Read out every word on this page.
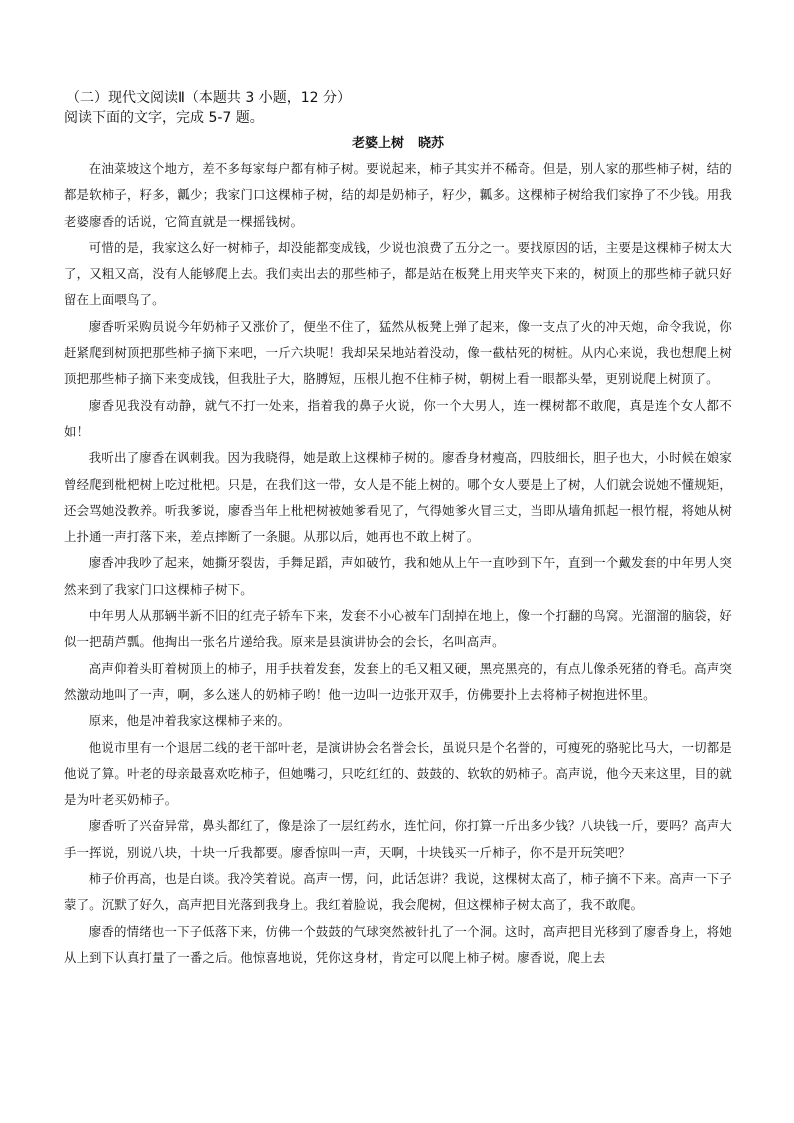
（二）现代文阅读Ⅱ（本题共 3 小题，12 分）

阅读下面的文字，完成 5-7 题。

老婆上树 晓苏

在油菜坡这个地方，差不多每家每户都有柿子树。要说起来，柿子其实并不稀奇。但是，别人家的那些柿子树，结的都是软柿子，籽多，瓤少；我家门口这棵柿子树，结的却是奶柿子，籽少，瓤多。这棵柿子树给我们家挣了不少钱。用我老婆廖香的话说，它简直就是一棵摇钱树。

可惜的是，我家这么好一树柿子，却没能都变成钱，少说也浪费了五分之一。要找原因的话，主要是这棵柿子树太大了，又粗又高，没有人能够爬上去。我们卖出去的那些柿子，都是站在板凳上用夹竿夹下来的，树顶上的那些柿子就只好留在上面喂鸟了。

廖香听采购员说今年奶柿子又涨价了，便坐不住了，猛然从板凳上弹了起来，像一支点了火的冲天炮，命令我说，你赶紧爬到树顶把那些柿子摘下来吧，一斤六块呢！我却呆呆地站着没动，像一截枯死的树桩。从内心来说，我也想爬上树顶把那些柿子摘下来变成钱，但我肚子大，胳膊短，压根儿抱不住柿子树，朝树上看一眼都头晕，更别说爬上树顶了。

廖香见我没有动静，就气不打一处来，指着我的鼻子火说，你一个大男人，连一棵树都不敢爬，真是连个女人都不如！

我听出了廖香在讽刺我。因为我晓得，她是敢上这棵柿子树的。廖香身材瘦高，四肢细长，胆子也大，小时候在娘家曾经爬到枇杷树上吃过枇杷。只是，在我们这一带，女人是不能上树的。哪个女人要是上了树，人们就会说她不懂规矩，还会骂她没教养。听我爹说，廖香当年上枇杷树被她爹看见了，气得她爹火冒三丈，当即从墙角抓起一根竹棍，将她从树上扑通一声打落下来，差点摔断了一条腿。从那以后，她再也不敢上树了。

廖香冲我吵了起来，她撕牙裂齿，手舞足蹈，声如破竹，我和她从上午一直吵到下午，直到一个戴发套的中年男人突然来到了我家门口这棵柿子树下。

中年男人从那辆半新不旧的红壳子轿车下来，发套不小心被车门刮掉在地上，像一个打翻的鸟窝。光溜溜的脑袋，好似一把葫芦瓢。他掏出一张名片递给我。原来是县演讲协会的会长，名叫高声。

高声仰着头盯着树顶上的柿子，用手扶着发套，发套上的毛又粗又硬，黑亮黑亮的，有点儿像杀死猪的脊毛。高声突然激动地叫了一声，啊，多么迷人的奶柿子哟！他一边叫一边张开双手，仿佛要扑上去将柿子树抱进怀里。

原来，他是冲着我家这棵柿子来的。

他说市里有一个退居二线的老干部叶老，是演讲协会名誉会长，虽说只是个名誉的，可瘦死的骆驼比马大，一切都是他说了算。叶老的母亲最喜欢吃柿子，但她嘴刁，只吃红红的、鼓鼓的、软软的奶柿子。高声说，他今天来这里，目的就是为叶老买奶柿子。

廖香听了兴奋异常，鼻头都红了，像是涂了一层红药水，连忙问，你打算一斤出多少钱？八块钱一斤，要吗？高声大手一挥说，别说八块，十块一斤我都要。廖香惊叫一声，天啊，十块钱买一斤柿子，你不是开玩笑吧？

柿子价再高，也是白谈。我冷笑着说。高声一愣，问，此话怎讲？我说，这棵树太高了，柿子摘不下来。高声一下子蒙了。沉默了好久，高声把目光落到我身上。我红着脸说，我会爬树，但这棵柿子树太高了，我不敢爬。

廖香的情绪也一下子低落下来，仿佛一个鼓鼓的气球突然被针扎了一个洞。这时，高声把目光移到了廖香身上，将她从上到下认真打量了一番之后。他惊喜地说，凭你这身材，肯定可以爬上柿子树。廖香说，爬上去
